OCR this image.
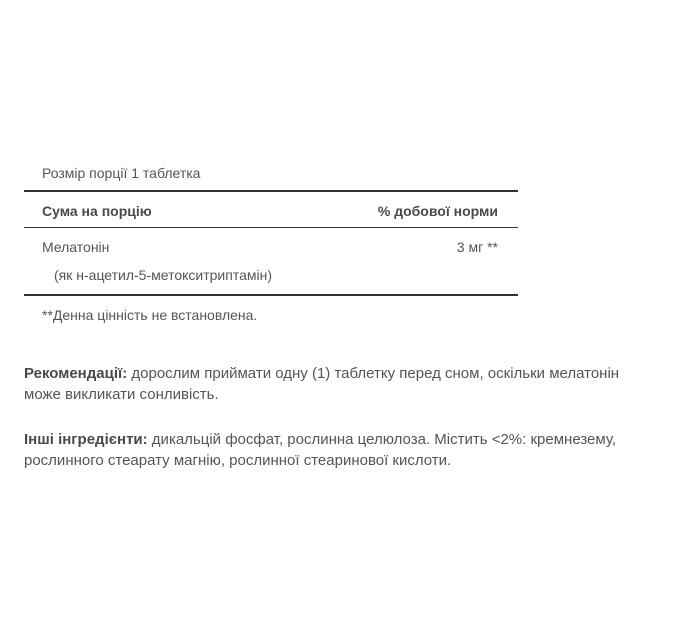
Розмір порції 1 таблетка
Сума на порцію	% добової норми
Мелатонін	3 мг **
(як н-ацетил-5-метокситриптамін)
**Денна цінність не встановлена.

Рекомендації: дорослим приймати одну (1) таблетку перед сном, оскільки мелатонін може викликати сонливість.

Інші інгредієнти: дикальцій фосфат, рослинна целюлоза. Містить <2%: кремнезему, рослинного стеарату магнію, рослинної стеаринової кислоти.
